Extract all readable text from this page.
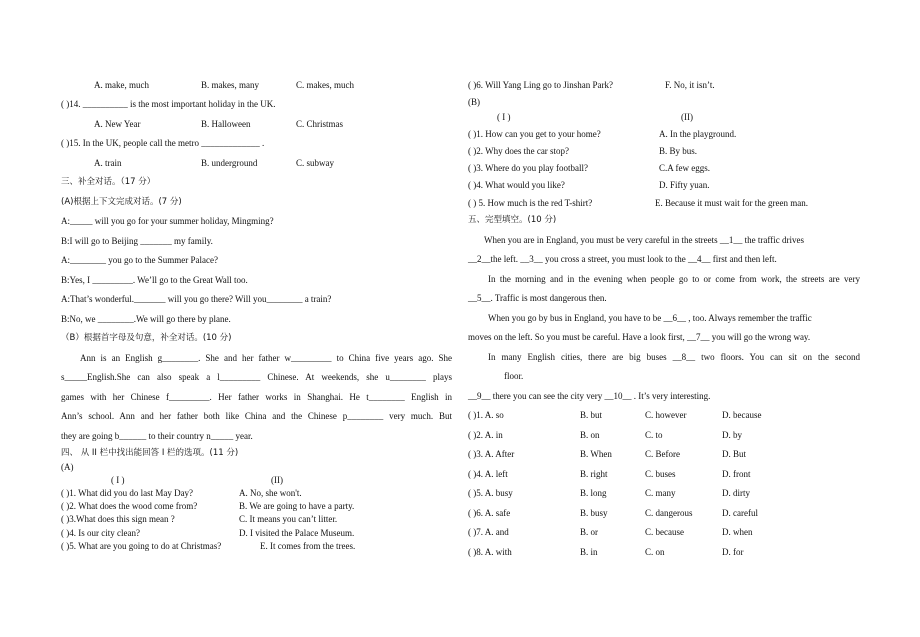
A. make, much	B. makes, many	C. makes, much
( )14. __________ is the most important holiday in the UK.
A. New Year	B. Halloween	C. Christmas
( )15. In the UK, people call the metro _____________ .
A. train	B. underground	C. subway
三、补全对话。（17 分）
(A)根据上下文完成对话。(7 分)
A:_____ will you go for your summer holiday, Mingming?
B:I will go to Beijing _______ my family.
A:________ you go to the Summer Palace?
B:Yes, I _________. We’ll go to the Great Wall too.
A:That’s wonderful._______ will you go there? Will you________ a train?
B:No, we ________.We will go there by plane.
（B）根据首字母及句意，补全对话。(10 分)
Ann is an English g________. She and her father w_________ to China five years ago. She
s_____English.She can also speak a l_________ Chinese. At weekends, she u________ plays
games with her Chinese f_________. Her father works in Shanghai. He t________ English in
Ann’s school. Ann and her father both like China and the Chinese p________ very much. But
they are going b______ to their country n_____ year.
四、 从 II 栏中找出能回答 I 栏的选项。(11 分)
(A)
( I )	(II)
( )1. What did you do last May Day?	A. No, she won't.
( )2. What does the wood come from?	B. We are going to have a party.
( )3.What does this sign mean ?	C. It means you can’t litter.
( )4. Is our city clean?	D. I visited the Palace Museum.
( )5. What are you going to do at Christmas?	E. It comes from the trees.
( )6. Will Yang Ling go to Jinshan Park?	F. No, it isn’t.
(B)
( I )	(II)
( )1. How can you get to your home?	A. In the playground.
( )2. Why does the car stop?	B. By bus.
( )3. Where do you play football?	C.A few eggs.
( )4. What would you like?	D. Fifty yuan.
( ) 5. How much is the red T-shirt?	E. Because it must wait for the green man.
五、完型填空。(10 分)
When you are in England, you must be very careful in the streets __1__ the traffic drives
__2__the left. __3__ you cross a street, you must look to the __4__ first and then left.
In the morning and in the evening when people go to or come from work, the streets are very
__5__. Traffic is most dangerous then.
When you go by bus in England, you have to be __6__ , too. Always remember the traffic
moves on the left. So you must be careful. Have a look first, __7__ you will go the wrong way.
In many English cities, there are big buses __8__ two floors. You can sit on the second
floor.
__9__ there you can see the city very __10__ . It’s very interesting.
( )1. A. so	B. but	C. however	D. because
( )2. A. in	B. on	C. to	D. by
( )3. A. After	B. When	C. Before	D. But
( )4. A. left	B. right	C. buses	D. front
( )5. A. busy	B. long	C. many	D. dirty
( )6. A. safe	B. busy	C. dangerous	D. careful
( )7. A. and	B. or	C. because	D. when
( )8. A. with	B. in	C. on	D. for
